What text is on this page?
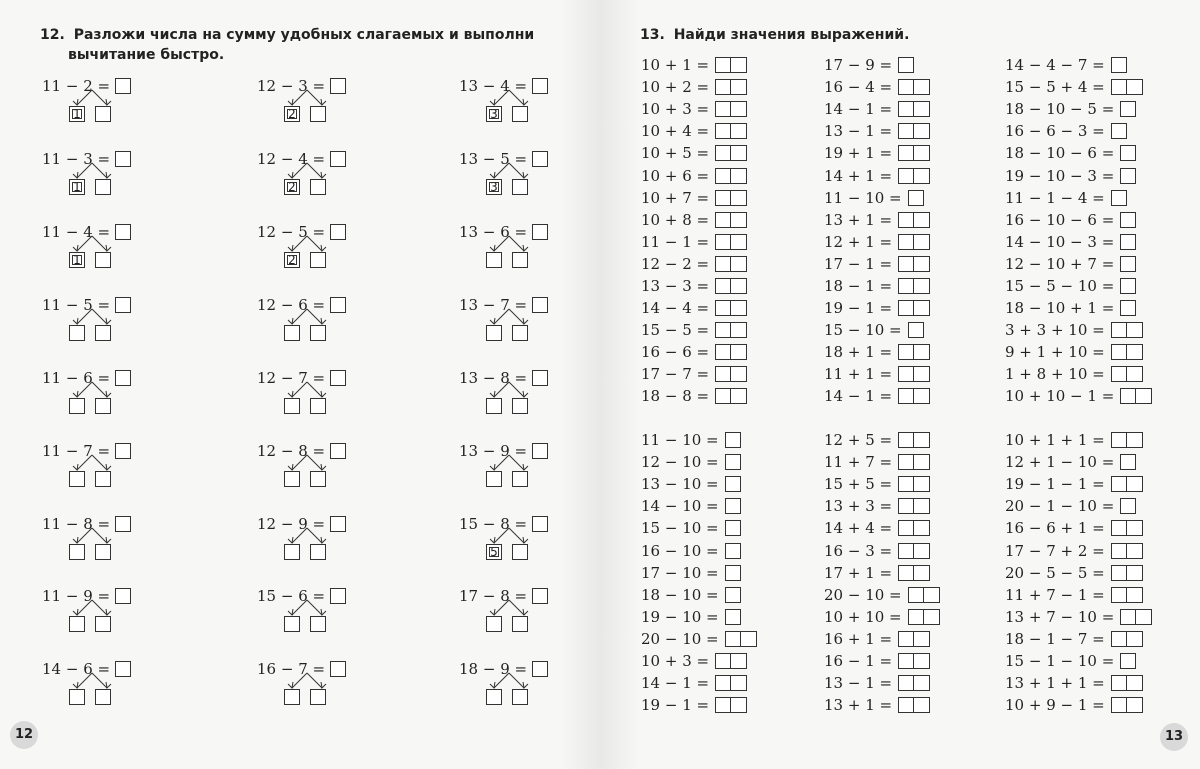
12. Разложи числа на сумму удобных слагаемых и выполни
вычитание быстро.
11 − 2 =
1
11 − 3 =
1
11 − 4 =
1
11 − 5 =
11 − 6 =
11 − 7 =
11 − 8 =
11 − 9 =
14 − 6 =
12 − 3 =
2
12 − 4 =
2
12 − 5 =
2
12 − 6 =
12 − 7 =
12 − 8 =
12 − 9 =
15 − 6 =
16 − 7 =
13 − 4 =
3
13 − 5 =
3
13 − 6 =
13 − 7 =
13 − 8 =
13 − 9 =
15 − 8 =
5
17 − 8 =
18 − 9 =
13. Найди значения выражений.
10 + 1 =
10 + 2 =
10 + 3 =
10 + 4 =
10 + 5 =
10 + 6 =
10 + 7 =
10 + 8 =
11 − 1 =
12 − 2 =
13 − 3 =
14 − 4 =
15 − 5 =
16 − 6 =
17 − 7 =
18 − 8 =
17 − 9 =
16 − 4 =
14 − 1 =
13 − 1 =
19 + 1 =
14 + 1 =
11 − 10 =
13 + 1 =
12 + 1 =
17 − 1 =
18 − 1 =
19 − 1 =
15 − 10 =
18 + 1 =
11 + 1 =
14 − 1 =
14 − 4 − 7 =
15 − 5 + 4 =
18 − 10 − 5 =
16 − 6 − 3 =
18 − 10 − 6 =
19 − 10 − 3 =
11 − 1 − 4 =
16 − 10 − 6 =
14 − 10 − 3 =
12 − 10 + 7 =
15 − 5 − 10 =
18 − 10 + 1 =
3 + 3 + 10 =
9 + 1 + 10 =
1 + 8 + 10 =
10 + 10 − 1 =
11 − 10 =
12 − 10 =
13 − 10 =
14 − 10 =
15 − 10 =
16 − 10 =
17 − 10 =
18 − 10 =
19 − 10 =
20 − 10 =
10 + 3 =
14 − 1 =
19 − 1 =
12 + 5 =
11 + 7 =
15 + 5 =
13 + 3 =
14 + 4 =
16 − 3 =
17 + 1 =
20 − 10 =
10 + 10 =
16 + 1 =
16 − 1 =
13 − 1 =
13 + 1 =
10 + 1 + 1 =
12 + 1 − 10 =
19 − 1 − 1 =
20 − 1 − 10 =
16 − 6 + 1 =
17 − 7 + 2 =
20 − 5 − 5 =
11 + 7 − 1 =
13 + 7 − 10 =
18 − 1 − 7 =
15 − 1 − 10 =
13 + 1 + 1 =
10 + 9 − 1 =
12	13
